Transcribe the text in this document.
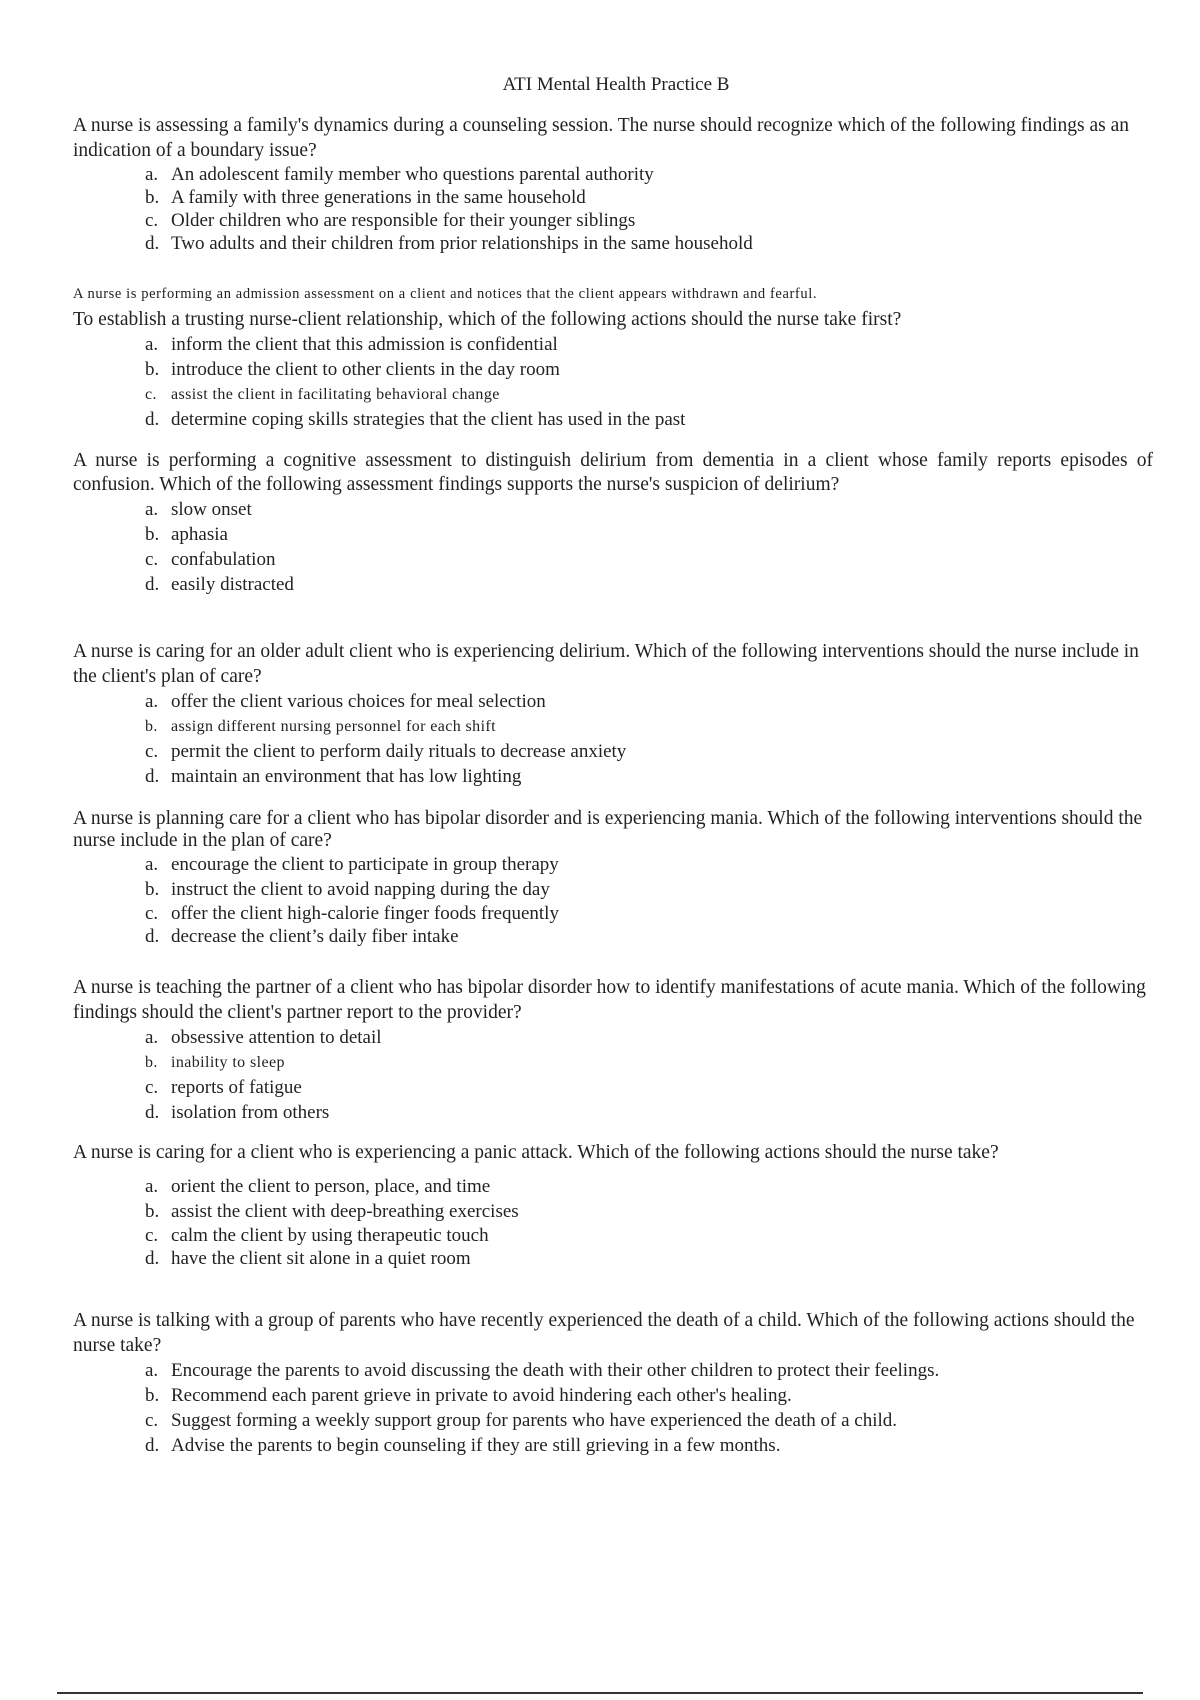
ATI Mental Health Practice B

A nurse is assessing a family's dynamics during a counseling session. The nurse should recognize which of the following findings as an indication of a boundary issue?

a. An adolescent family member who questions parental authority
b. A family with three generations in the same household
c. Older children who are responsible for their younger siblings
d. Two adults and their children from prior relationships in the same household

A nurse is performing an admission assessment on a client and notices that the client appears withdrawn and fearful.

To establish a trusting nurse-client relationship, which of the following actions should the nurse take first?

a. inform the client that this admission is confidential
b. introduce the client to other clients in the day room
c. assist the client in facilitating behavioral change
d. determine coping skills strategies that the client has used in the past

A nurse is performing a cognitive assessment to distinguish delirium from dementia in a client whose family reports episodes of confusion. Which of the following assessment findings supports the nurse's suspicion of delirium?

a. slow onset
b. aphasia
c. confabulation
d. easily distracted

A nurse is caring for an older adult client who is experiencing delirium. Which of the following interventions should the nurse include in the client's plan of care?

a. offer the client various choices for meal selection
b. assign different nursing personnel for each shift
c. permit the client to perform daily rituals to decrease anxiety
d. maintain an environment that has low lighting

A nurse is planning care for a client who has bipolar disorder and is experiencing mania. Which of the following interventions should the nurse include in the plan of care?

a. encourage the client to participate in group therapy
b. instruct the client to avoid napping during the day
c. offer the client high-calorie finger foods frequently
d. decrease the client’s daily fiber intake

A nurse is teaching the partner of a client who has bipolar disorder how to identify manifestations of acute mania. Which of the following findings should the client's partner report to the provider?

a. obsessive attention to detail
b. inability to sleep
c. reports of fatigue
d. isolation from others

A nurse is caring for a client who is experiencing a panic attack. Which of the following actions should the nurse take?

a. orient the client to person, place, and time
b. assist the client with deep-breathing exercises
c. calm the client by using therapeutic touch
d. have the client sit alone in a quiet room

A nurse is talking with a group of parents who have recently experienced the death of a child. Which of the following actions should the nurse take?

a. Encourage the parents to avoid discussing the death with their other children to protect their feelings.
b. Recommend each parent grieve in private to avoid hindering each other's healing.
c. Suggest forming a weekly support group for parents who have experienced the death of a child.
d. Advise the parents to begin counseling if they are still grieving in a few months.
